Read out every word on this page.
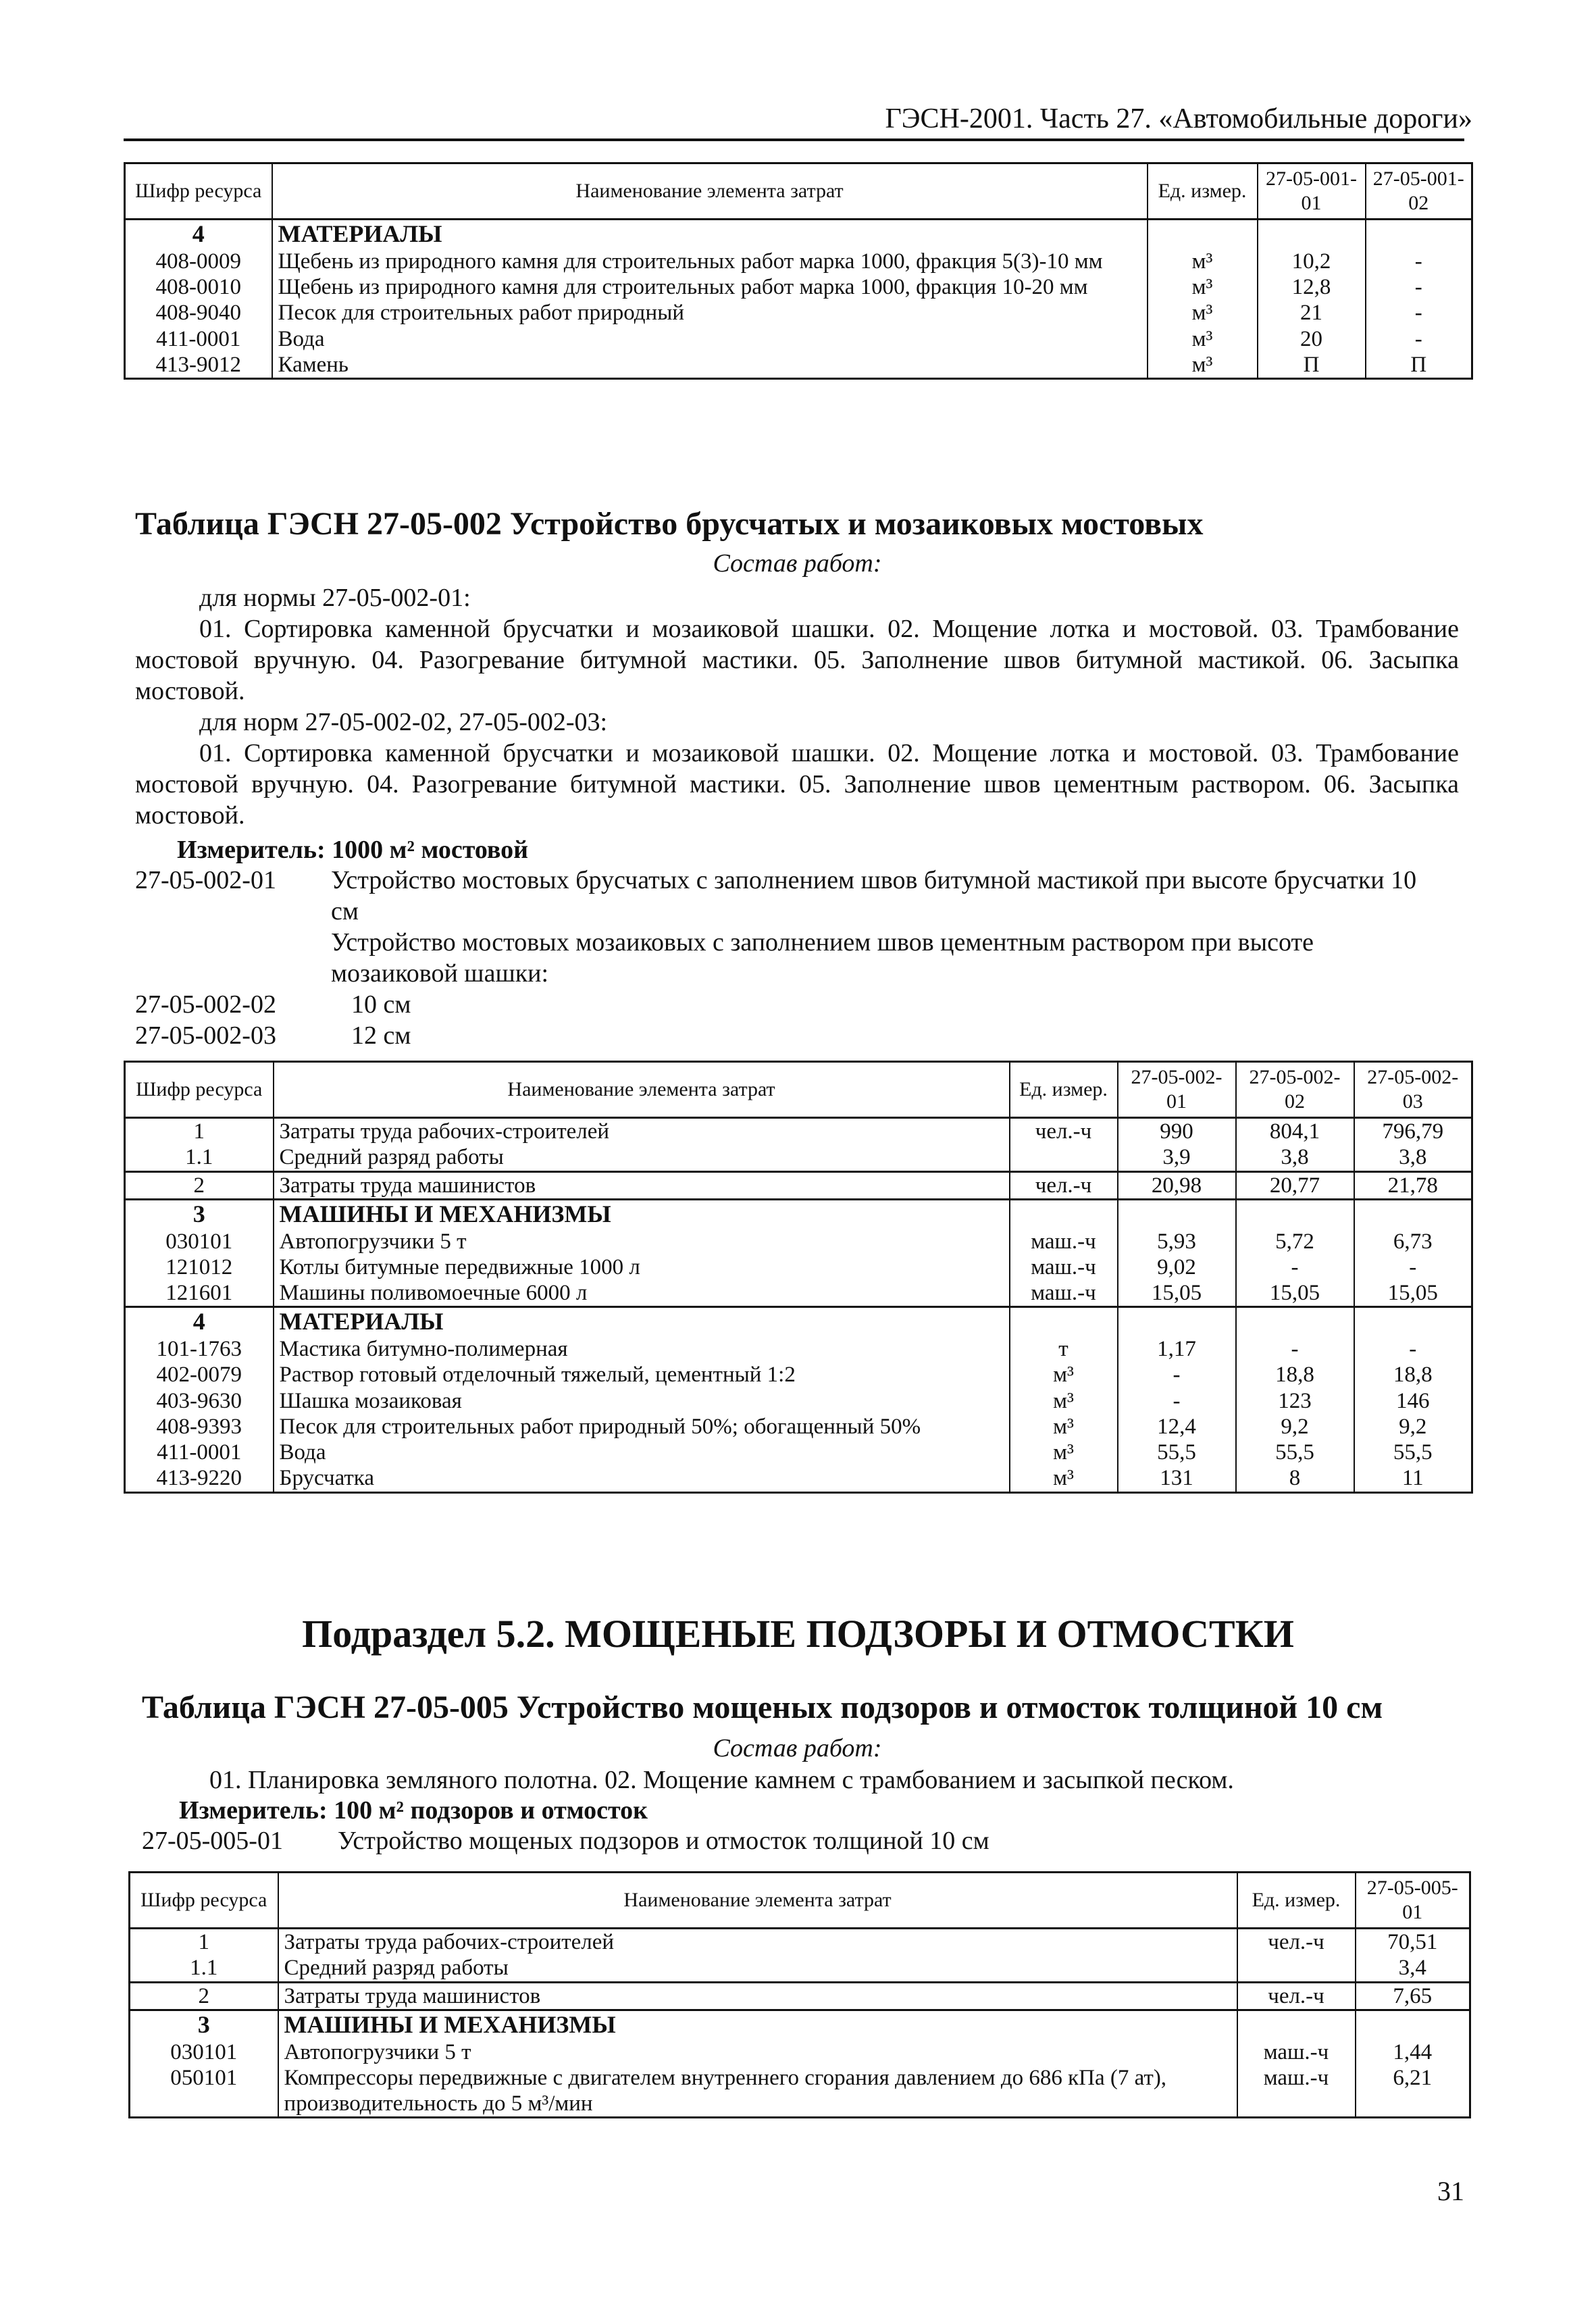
ГЭСН-2001. Часть 27. «Автомобильные дороги»
Шифр ресурса	Наименование элемента затрат	Ед. измер.	27-05-001-01	27-05-001-02
4	МАТЕРИАЛЫ			
408-0009	Щебень из природного камня для строительных работ марка 1000, фракция 5(3)-10 мм	м³	10,2	-
408-0010	Щебень из природного камня для строительных работ марка 1000, фракция 10-20 мм	м³	12,8	-
408-9040	Песок для строительных работ природный	м³	21	-
411-0001	Вода	м³	20	-
413-9012	Камень	м³	П	П
Таблица ГЭСН 27-05-002 Устройство брусчатых и мозаиковых мостовых
Состав работ:
для нормы 27-05-002-01:
01. Сортировка каменной брусчатки и мозаиковой шашки. 02. Мощение лотка и мостовой. 03. Трамбование мостовой вручную. 04. Разогревание битумной мастики. 05. Заполнение швов битумной мастикой. 06. Засыпка мостовой.
для норм 27-05-002-02, 27-05-002-03:
01. Сортировка каменной брусчатки и мозаиковой шашки. 02. Мощение лотка и мостовой. 03. Трамбование мостовой вручную. 04. Разогревание битумной мастики. 05. Заполнение швов цементным раствором. 06. Засыпка мостовой.
Измеритель: 1000 м² мостовой
27-05-002-01 Устройство мостовых брусчатых с заполнением швов битумной мастикой при высоте брусчатки 10 см
Устройство мостовых мозаиковых с заполнением швов цементным раствором при высоте мозаиковой шашки:
27-05-002-02	10 см
27-05-002-03	12 см
Шифр ресурса	Наименование элемента затрат	Ед. измер.	27-05-002-01	27-05-002-02	27-05-002-03
1	Затраты труда рабочих-строителей	чел.-ч	990	804,1	796,79
1.1	Средний разряд работы		3,9	3,8	3,8
2	Затраты труда машинистов	чел.-ч	20,98	20,77	21,78
3	МАШИНЫ И МЕХАНИЗМЫ				
030101	Автопогрузчики 5 т	маш.-ч	5,93	5,72	6,73
121012	Котлы битумные передвижные 1000 л	маш.-ч	9,02	-	-
121601	Машины поливомоечные 6000 л	маш.-ч	15,05	15,05	15,05
4	МАТЕРИАЛЫ				
101-1763	Мастика битумно-полимерная	т	1,17	-	-
402-0079	Раствор готовый отделочный тяжелый, цементный 1:2	м³	-	18,8	18,8
403-9630	Шашка мозаиковая	м³	-	123	146
408-9393	Песок для строительных работ природный 50%; обогащенный 50%	м³	12,4	9,2	9,2
411-0001	Вода	м³	55,5	55,5	55,5
413-9220	Брусчатка	м³	131	8	11
Подраздел 5.2. МОЩЕНЫЕ ПОДЗОРЫ И ОТМОСТКИ
Таблица ГЭСН 27-05-005 Устройство мощеных подзоров и отмосток толщиной 10 см
Состав работ:
01. Планировка земляного полотна. 02. Мощение камнем с трамбованием и засыпкой песком.
Измеритель: 100 м² подзоров и отмосток
27-05-005-01 Устройство мощеных подзоров и отмосток толщиной 10 см
Шифр ресурса	Наименование элемента затрат	Ед. измер.	27-05-005-01
1	Затраты труда рабочих-строителей	чел.-ч	70,51
1.1	Средний разряд работы		3,4
2	Затраты труда машинистов	чел.-ч	7,65
3	МАШИНЫ И МЕХАНИЗМЫ		
030101	Автопогрузчики 5 т	маш.-ч	1,44
050101	Компрессоры передвижные с двигателем внутреннего сгорания давлением до 686 кПа (7 ат), производительность до 5 м³/мин	маш.-ч	6,21
31
